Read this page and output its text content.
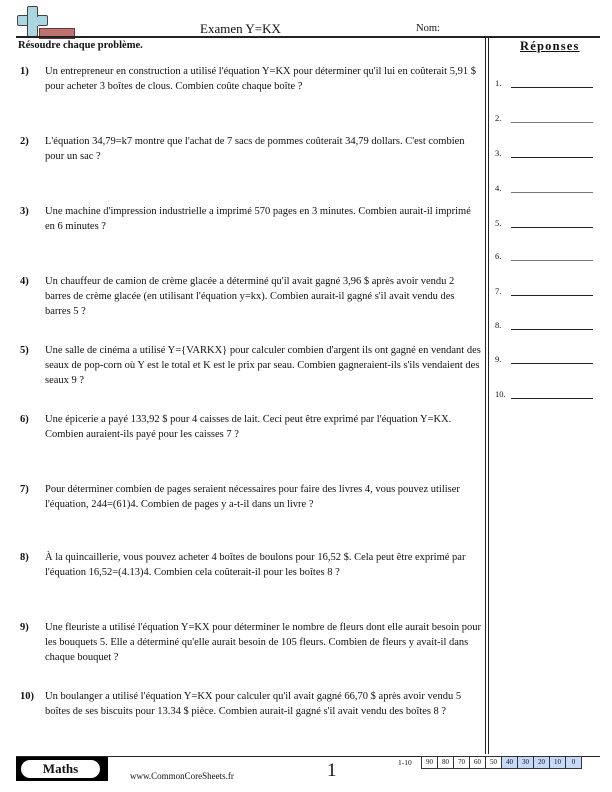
Examen Y=KX	Nom:
Résoudre chaque problème.	Réponses
1.
2.
3.
4.
5.
6.
7.
8.
9.
10.
1)	Un entrepreneur en construction a utilisé l'équation Y=KX pour déterminer qu'il lui en coûterait 5,91 $ pour acheter 3 boîtes de clous. Combien coûte chaque boîte ?
2)	L'équation 34,79=k7 montre que l'achat de 7 sacs de pommes coûterait 34,79 dollars. C'est combien pour un sac ?
3)	Une machine d'impression industrielle a imprimé 570 pages en 3 minutes. Combien aurait-il imprimé en 6 minutes ?
4)	Un chauffeur de camion de crème glacée a déterminé qu'il avait gagné 3,96 $ après avoir vendu 2 barres de crème glacée (en utilisant l'équation y=kx). Combien aurait-il gagné s'il avait vendu des barres 5 ?
5)	Une salle de cinéma a utilisé Y={VARKX} pour calculer combien d'argent ils ont gagné en vendant des seaux de pop-corn où Y est le total et K est le prix par seau. Combien gagneraient-ils s'ils vendaient des seaux 9 ?
6)	Une épicerie a payé 133,92 $ pour 4 caisses de lait. Ceci peut être exprimé par l'équation Y=KX. Combien auraient-ils payé pour les caisses 7 ?
7)	Pour déterminer combien de pages seraient nécessaires pour faire des livres 4, vous pouvez utiliser l'équation, 244=(61)4. Combien de pages y a-t-il dans un livre ?
8)	À la quincaillerie, vous pouvez acheter 4 boîtes de boulons pour 16,52 $. Cela peut être exprimé par l'équation 16,52=(4.13)4. Combien cela coûterait-il pour les boîtes 8 ?
9)	Une fleuriste a utilisé l'équation Y=KX pour déterminer le nombre de fleurs dont elle aurait besoin pour les bouquets 5. Elle a déterminé qu'elle aurait besoin de 105 fleurs. Combien de fleurs y avait-il dans chaque bouquet ?
10)	Un boulanger a utilisé l'équation Y=KX pour calculer qu'il avait gagné 66,70 $ après avoir vendu 5 boîtes de ses biscuits pour 13.34 $ pièce. Combien aurait-il gagné s'il avait vendu des boîtes 8 ?
Maths	www.CommonCoreSheets.fr	1	1-10	90	80	70	60	50	40	30	20	10	0
